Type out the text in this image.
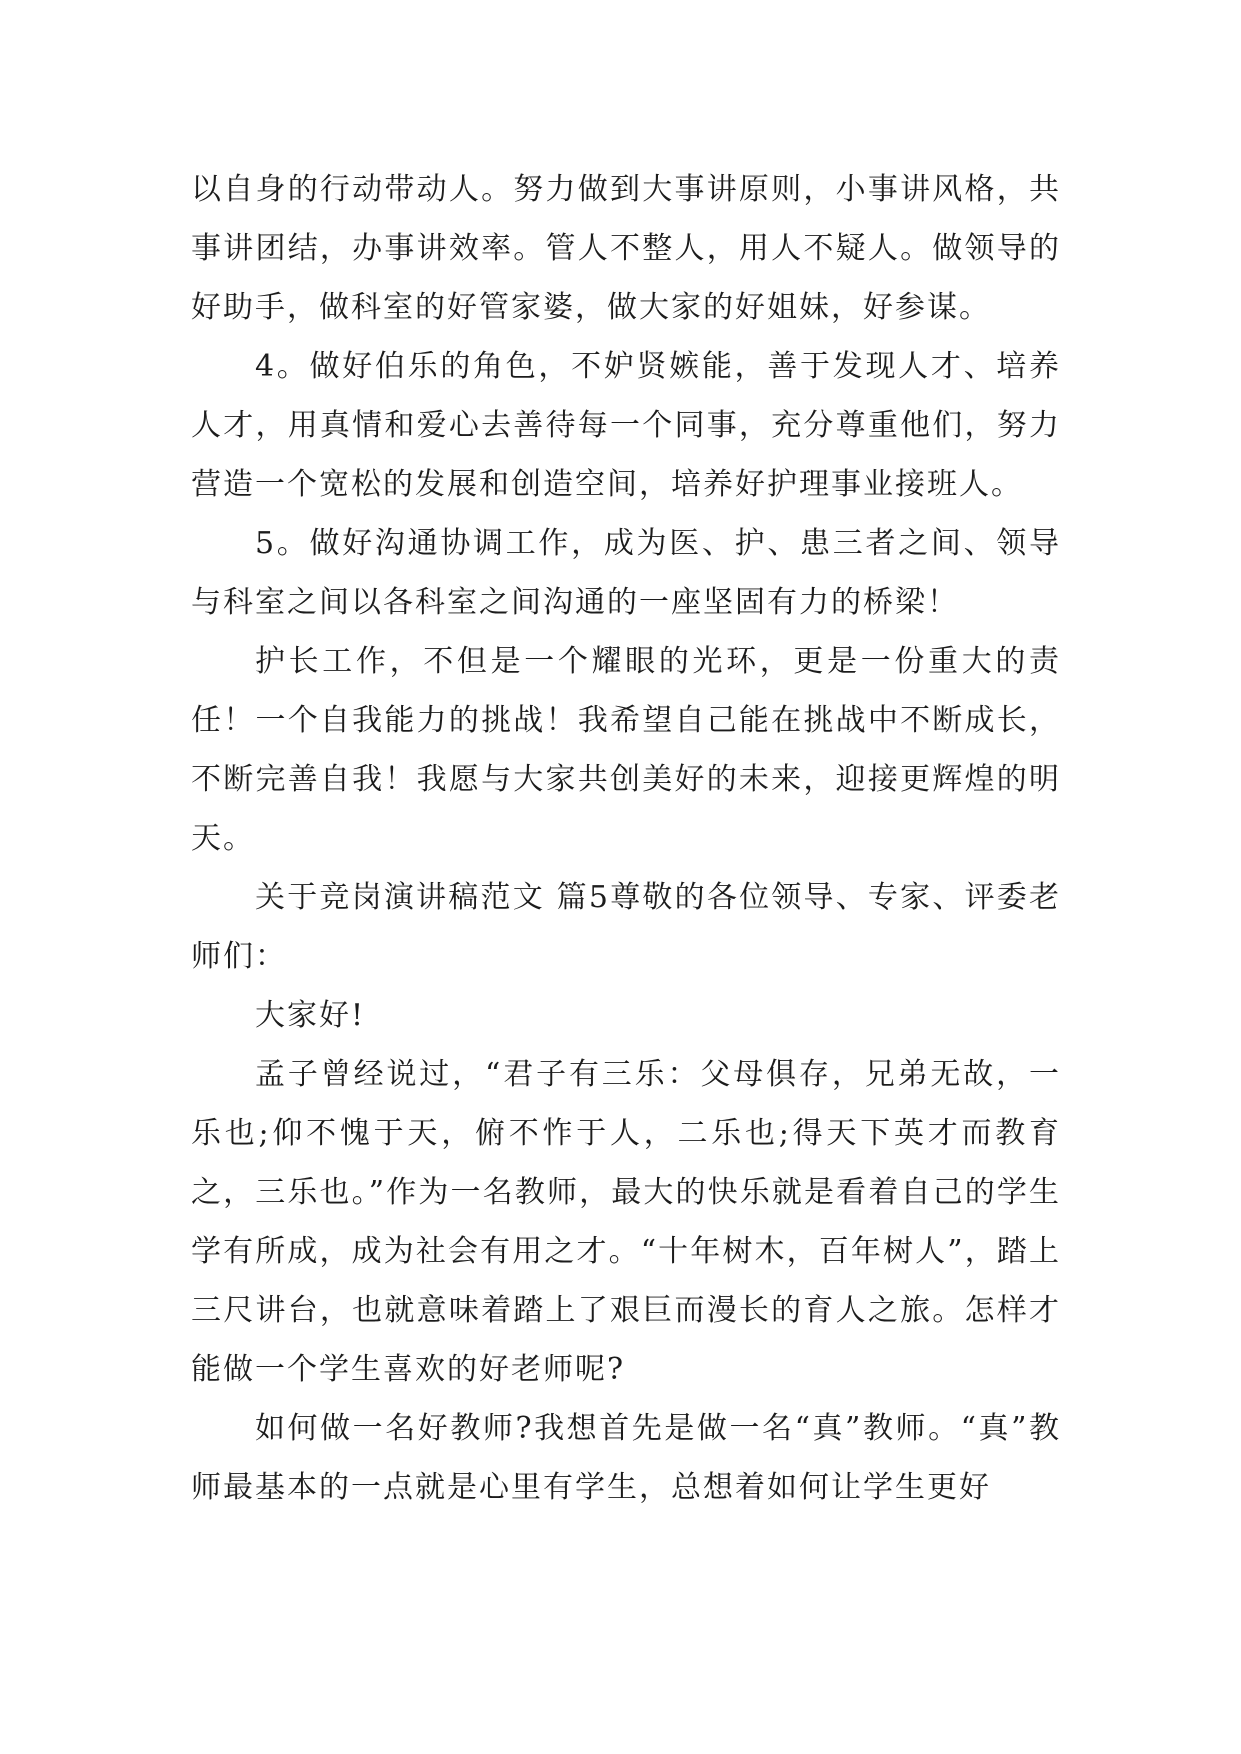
以自身的行动带动人。努力做到大事讲原则，小事讲风格，共事讲团结，办事讲效率。管人不整人，用人不疑人。做领导的好助手，做科室的好管家婆，做大家的好姐妹，好参谋。

4。做好伯乐的角色，不妒贤嫉能，善于发现人才、培养人才，用真情和爱心去善待每一个同事，充分尊重他们，努力营造一个宽松的发展和创造空间，培养好护理事业接班人。

5。做好沟通协调工作，成为医、护、患三者之间、领导与科室之间以各科室之间沟通的一座坚固有力的桥梁！

护长工作，不但是一个耀眼的光环，更是一份重大的责任！一个自我能力的挑战！我希望自己能在挑战中不断成长，不断完善自我！我愿与大家共创美好的未来，迎接更辉煌的明天。

关于竞岗演讲稿范文 篇5尊敬的各位领导、专家、评委老师们：

大家好!

孟子曾经说过，“君子有三乐：父母俱存，兄弟无故，一乐也;仰不愧于天，俯不怍于人，二乐也;得天下英才而教育之，三乐也。”作为一名教师，最大的快乐就是看着自己的学生学有所成，成为社会有用之才。“十年树木，百年树人”，踏上三尺讲台，也就意味着踏上了艰巨而漫长的育人之旅。怎样才能做一个学生喜欢的好老师呢?

如何做一名好教师?我想首先是做一名“真”教师。“真”教师最基本的一点就是心里有学生，总想着如何让学生更好
